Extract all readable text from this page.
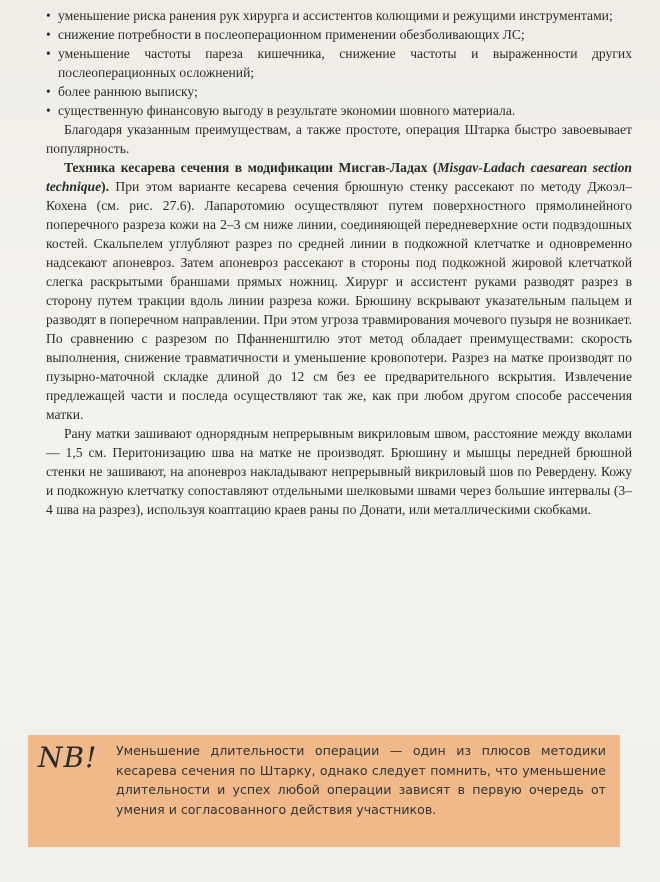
• уменьшение риска ранения рук хирурга и ассистентов колющими и режущими инструментами;
• снижение потребности в послеоперационном применении обезболивающих ЛС;
• уменьшение частоты пареза кишечника, снижение частоты и выраженности других послеоперационных осложнений;
• более раннюю выписку;
• существенную финансовую выгоду в результате экономии шовного материала.

Благодаря указанным преимуществам, а также простоте, операция Штарка быстро завоевывает популярность.

Техника кесарева сечения в модификации Мисгав-Ладах (Misgav-Ladach caesarean section technique). При этом варианте кесарева сечения брюшную стенку рассекают по методу Джоэл–Кохена (см. рис. 27.6). Лапаротомию осуществляют путем поверхностного прямолинейного поперечного разреза кожи на 2–3 см ниже линии, соединяющей передневерхние ости подвздошных костей. Скальпелем углубляют разрез по средней линии в подкожной клетчатке и одновременно надсекают апоневроз. Затем апоневроз рассекают в стороны под подкожной жировой клетчаткой слегка раскрытыми браншами прямых ножниц. Хирург и ассистент руками разводят разрез в сторону путем тракции вдоль линии разреза кожи. Брюшину вскрывают указательным пальцем и разводят в поперечном направлении. При этом угроза травмирования мочевого пузыря не возникает. По сравнению с разрезом по Пфанненштилю этот метод обладает преимуществами: скорость выполнения, снижение травматичности и уменьшение кровопотери. Разрез на матке производят по пузырно-маточной складке длиной до 12 см без ее предварительного вскрытия. Извлечение предлежащей части и последа осуществляют так же, как при любом другом способе рассечения матки.

Рану матки зашивают однорядным непрерывным викриловым швом, расстояние между вколами — 1,5 см. Перитонизацию шва на матке не производят. Брюшину и мышцы передней брюшной стенки не зашивают, на апоневроз накладывают непрерывный викриловый шов по Ревердену. Кожу и подкожную клетчатку сопоставляют отдельными шелковыми швами через большие интервалы (3–4 шва на разрез), используя коаптацию краев раны по Донати, или металлическими скобками.

NB! Уменьшение длительности операции — один из плюсов методики кесарева сечения по Штарку, однако следует помнить, что уменьшение длительности и успех любой операции зависят в первую очередь от умения и согласованного действия участников.
